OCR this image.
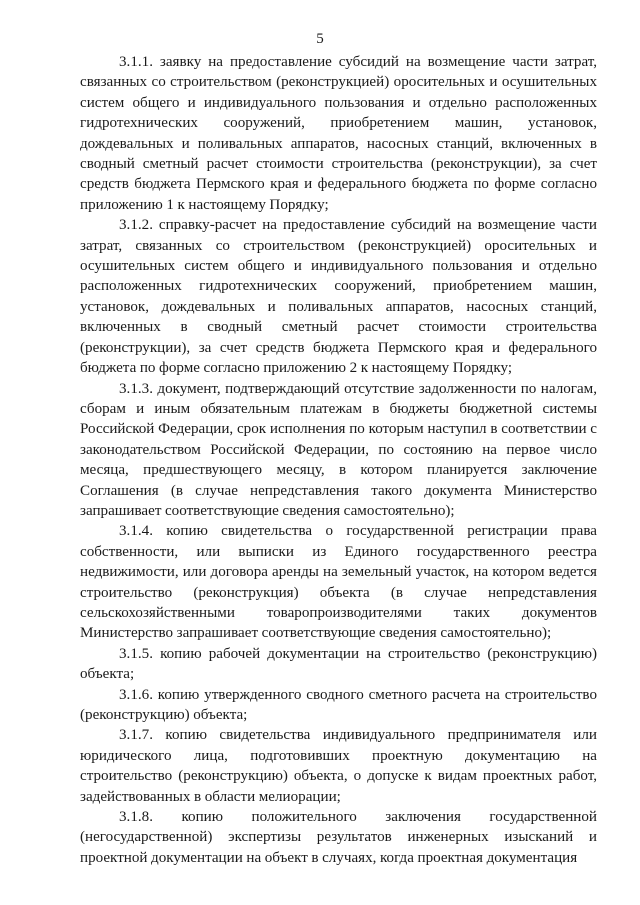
5

3.1.1. заявку на предоставление субсидий на возмещение части затрат, связанных со строительством (реконструкцией) оросительных и осушительных систем общего и индивидуального пользования и отдельно расположенных гидротехнических сооружений, приобретением машин, установок, дождевальных и поливальных аппаратов, насосных станций, включенных в сводный сметный расчет стоимости строительства (реконструкции), за счет средств бюджета Пермского края и федерального бюджета по форме согласно приложению 1 к настоящему Порядку;

3.1.2. справку-расчет на предоставление субсидий на возмещение части затрат, связанных со строительством (реконструкцией) оросительных и осушительных систем общего и индивидуального пользования и отдельно расположенных гидротехнических сооружений, приобретением машин, установок, дождевальных и поливальных аппаратов, насосных станций, включенных в сводный сметный расчет стоимости строительства (реконструкции), за счет средств бюджета Пермского края и федерального бюджета по форме согласно приложению 2 к настоящему Порядку;

3.1.3. документ, подтверждающий отсутствие задолженности по налогам, сборам и иным обязательным платежам в бюджеты бюджетной системы Российской Федерации, срок исполнения по которым наступил в соответствии с законодательством Российской Федерации, по состоянию на первое число месяца, предшествующего месяцу, в котором планируется заключение Соглашения (в случае непредставления такого документа Министерство запрашивает соответствующие сведения самостоятельно);

3.1.4. копию свидетельства о государственной регистрации права собственности, или выписки из Единого государственного реестра недвижимости, или договора аренды на земельный участок, на котором ведется строительство (реконструкция) объекта (в случае непредставления сельскохозяйственными товаропроизводителями таких документов Министерство запрашивает соответствующие сведения самостоятельно);

3.1.5. копию рабочей документации на строительство (реконструкцию) объекта;

3.1.6. копию утвержденного сводного сметного расчета на строительство (реконструкцию) объекта;

3.1.7. копию свидетельства индивидуального предпринимателя или юридического лица, подготовивших проектную документацию на строительство (реконструкцию) объекта, о допуске к видам проектных работ, задействованных в области мелиорации;

3.1.8. копию положительного заключения государственной (негосударственной) экспертизы результатов инженерных изысканий и проектной документации на объект в случаях, когда проектная документация
